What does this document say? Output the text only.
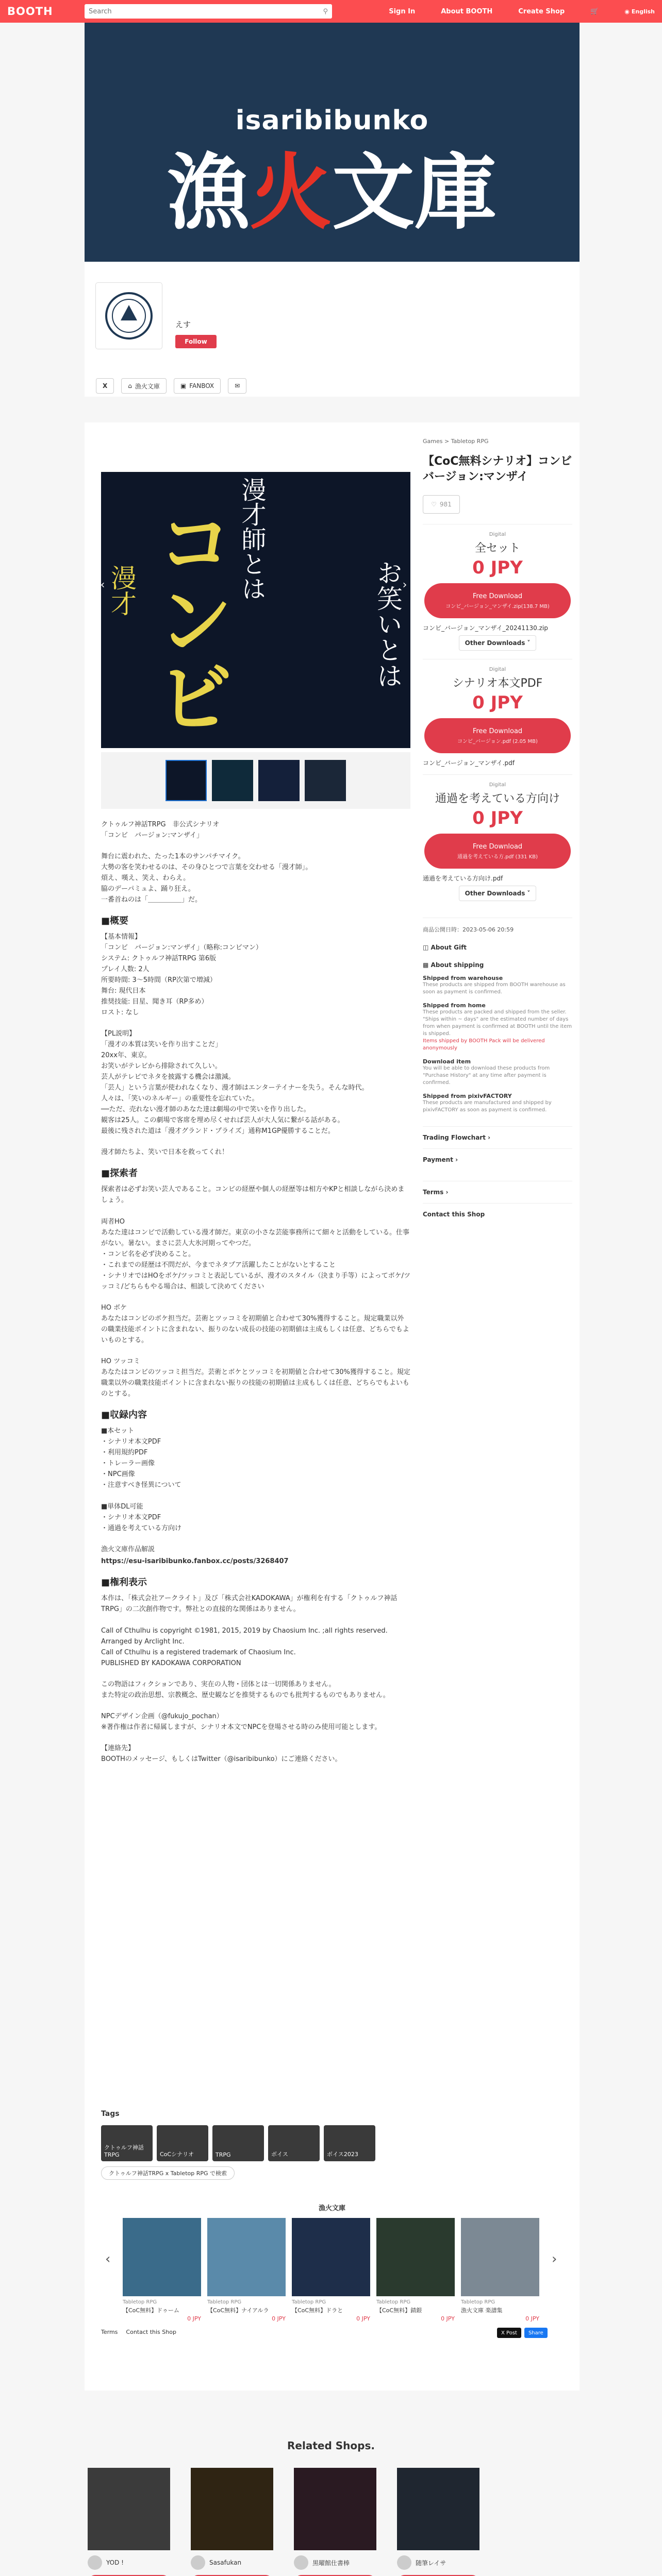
BOOTH
Search	⚲	Sign In	About BOOTH	Create Shop	🛒	◉ English
isaribibunko
漁火文庫
えす
Follow
X	⌂ 漁火文庫	▣ FANBOX	✉
漫才師とは
コンビ	お笑いとは
漫才
‹	›

クトゥルフ神話TRPG　非公式シナリオ
「コンビ　バージョン:マンザイ」

舞台に震われた、たった1本のサンパチマイク。
大勢の客を笑わせるのは、その身ひとつで言葉を交わせる「漫才師」。
煩え、嘆え、笑え、わらえ。
脇のデーパミュよ、踊り狂え。
一番首ねのは「＿＿＿＿＿」だ。

■概要

【基本情報】
「コンビ　バージョン:マンザイ」（略称:コンビマン）
システム: クトゥルフ神話TRPG 第6版
プレイ人数: 2人
所要時間: 3〜5時間（RP次第で増減）
舞台: 現代日本
推奨技能: 目星、聞き耳（RP多め）
ロスト: なし

【PL説明】
「漫才の本質は笑いを作り出すことだ」
20xx年、東京。
お笑いがテレビから排除されて久しい。
芸人がテレビでネタを披露する機会は激減。
「芸人」という言葉が使われなくなり、漫才師はエンターテイナーを失う。そんな時代。
人々は、「笑いのネルギー」の重要性を忘れていた。
──ただ、売れない漫才師のあなた達は劇場の中で笑いを作り出した。
観客は25人。この劇場で客席を埋め尽くせれば芸人が大人気に繋がる話がある。
最後に残された道は「漫才グランド・プライズ」通称M1GP優勝することだ。

漫才師たちよ、笑いで日本を救ってくれ！

■探索者

探索者は必ずお笑い芸人であること。コンビの経歴や個人の経歴等は相方やKPと相談しながら決めましょう。

両者HO
あなた達はコンビで活動している漫才師だ。東京の小さな芸能事務所にて細々と活動をしている。仕事がない。暑ない。まさに芸人大氷河期ってやつだ。
・コンビ名を必ず決めること。
・これまでの経歴は不問だが、今までネタプア活躍したことがないとすること
・シナリオではHOをボケ/ツッコミと表記しているが、漫才のスタイル（決まり手等）によってボケ/ツッコミ/どちらもやる場合は、相談して決めてください

HO ボケ
あなたはコンビのボケ担当だ。芸術とツッコミを初期値と合わせて30%獲得すること。規定職業以外の職業技能ポイントに含まれない、振りのない成長の技能の初期値は主成もしくは任意、どちらでもよいものとする。

HO ツッコミ
あなたはコンビのツッコミ担当だ。芸術とボケとツッコミを初期値と合わせて30%獲得すること。規定職業以外の職業技能ポイントに含まれない振りの技能の初期値は主成もしくは任意、どちらでもよいものとする。

■収録内容

■本セット
・シナリオ本文PDF
・利用規約PDF
・トレーラー画像
・NPC画像
・注意すべき怪異について

■単体DL可能
・シナリオ本文PDF
・通過を考えている方向け

漁火文庫作品解説

https://esu-isaribibunko.fanbox.cc/posts/3268407

■権利表示

本作は、「株式会社アークライト」及び「株式会社KADOKAWA」が権利を有する「クトゥルフ神話TRPG」の二次創作物です。弊社との直接的な関係はありません。

Call of Cthulhu is copyright ©1981, 2015, 2019 by Chaosium Inc. ;all rights reserved. Arranged by Arclight Inc.
Call of Cthulhu is a registered trademark of Chaosium Inc.
PUBLISHED BY KADOKAWA CORPORATION

この物語はフィクションであり、実在の人物・団体とは一切関係ありません。
また特定の政治思想、宗教概念、歴史観などを推奨するものでも批判するものでもありません。

NPCデザイン企画（@fukujo_pochan）
※著作権は作者に帰属しますが、シナリオ本文でNPCを登場させる時のみ使用可能とします。

【連絡先】
BOOTHのメッセージ、もしくはTwitter（@isaribibunko）にご連絡ください。

Games > Tabletop RPG
【CoC無料シナリオ】コンビ　バージョン:マンザイ
♡ 981
Digital
全セット
0 JPY
Free Download
コンビ_バージョン_マンザイ.zip(138.7 MB)
コンビ_バージョン_マンザイ_20241130.zip
Other Downloads ˅
Digital
シナリオ本文PDF
0 JPY
Free Download
コンビ_バージョン.pdf (2.05 MB)
コンビ_バージョン_マンザイ.pdf
Digital
通過を考えている方向け
0 JPY
Free Download
通過を考えている方.pdf (331 KB)
通過を考えている方向け.pdf
Other Downloads ˅
商品公開日時：2023-05-06 20:59
◫ About Gift
▩ About shipping
Shipped from warehouse
These products are shipped from BOOTH warehouse as soon as payment is confirmed.
Shipped from home
These products are packed and shipped from the seller. "Ships within ~ days" are the estimated number of days from when payment is confirmed at BOOTH until the item is shipped.
Items shipped by BOOTH Pack will be delivered anonymously
Download item
You will be able to download these products from "Purchase History" at any time after payment is confirmed.
Shipped from pixivFACTORY
These products are manufactured and shipped by pixivFACTORY as soon as payment is confirmed.
Trading Flowchart ›
Payment ›
Terms ›
Contact this Shop
Tags
クトゥルフ神話TRPG	CoCシナリオ	TRPG	ボイス	ボイス2023
クトゥルフ神話TRPG x Tabletop RPG で検索
漁火文庫
‹
Tabletop RPG
【CoC無料】ドゥーム
0 JPY
Tabletop RPG
【CoC無料】ナイアルラ
0 JPY
Tabletop RPG
【CoC無料】ドラと
0 JPY
Tabletop RPG
【CoC無料】錆銀
0 JPY
Tabletop RPG
漁火文庫 楽譜集
0 JPY
›
Terms Contact this Shop	X Post	Share
Related Shops.
YOD !	Sasafukan	黒曜館仕書棒	随筆レイサ
